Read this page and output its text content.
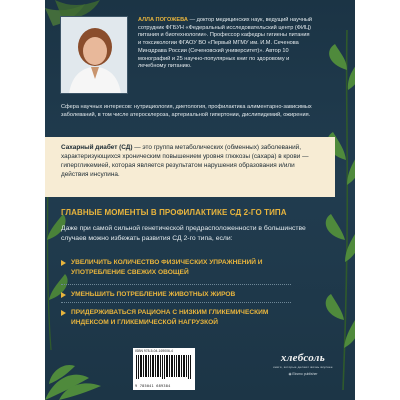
АЛЛА ПОГОЖЕВА — доктор медицинских наук, ведущий научный сотрудник ФГБУН «Федеральный исследовательский центр (ФИЦ) питания и биотехнологии». Профессор кафедры гигиены питания и токсикологии ФГАОУ ВО «Первый МГМУ им. И.М. Сеченова Минздрава России (Сеченовский университет)». Автор 10 монографий и 25 научно-популярных книг по здоровому и лечебному питанию.
Сфера научных интересов: нутрициология, диетология, профилактика алиментарно-зависимых заболеваний, в том числе атеросклероза, артериальной гипертонии, дислипидемий, ожирения.
Сахарный диабет (СД) — это группа метаболических (обменных) заболеваний, характеризующихся хроническим повышением уровня глюкозы (сахара) в крови — гипергликемией, которая является результатом нарушения образования и/или действия инсулина.
ГЛАВНЫЕ МОМЕНТЫ В ПРОФИЛАКТИКЕ СД 2-ГО ТИПА
Даже при самой сильной генетической предрасположенности в большинстве случаев можно избежать развития СД 2-го типа, если:
УВЕЛИЧИТЬ КОЛИЧЕСТВО ФИЗИЧЕСКИХ УПРАЖНЕНИЙ И УПОТРЕБЛЕНИЕ СВЕЖИХ ОВОЩЕЙ
УМЕНЬШИТЬ ПОТРЕБЛЕНИЕ ЖИВОТНЫХ ЖИРОВ
ПРИДЕРЖИВАТЬСЯ РАЦИОНА С НИЗКИМ ГЛИКЕМИЧЕСКИМ ИНДЕКСОМ И ГЛИКЕМИЧЕСКОЙ НАГРУЗКОЙ
ISBN 978-5-04-169006-4
9 785041 689384
хлебсоль
книги, которые делают жизнь вкуснее
◉ Eksmo publisher
